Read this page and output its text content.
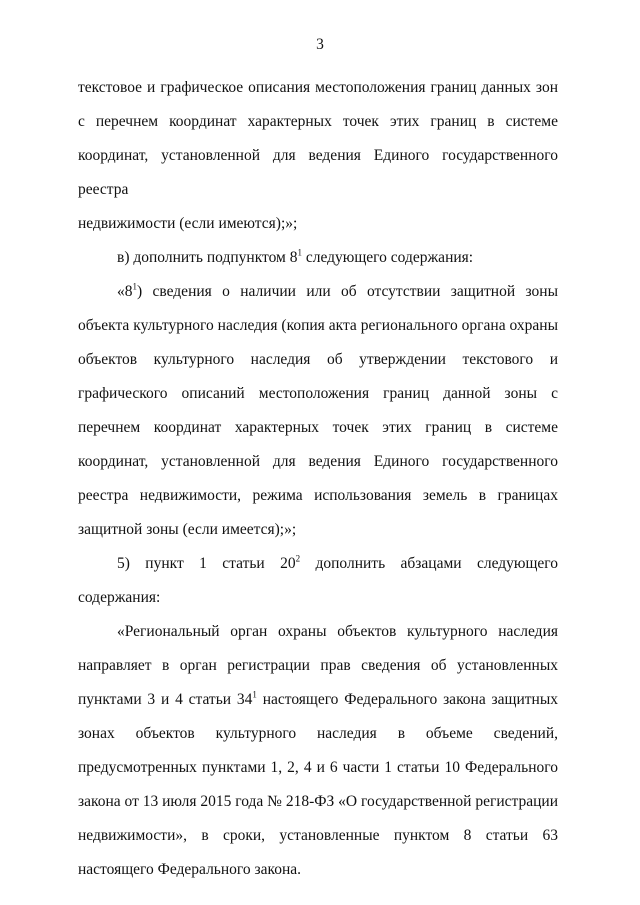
3

текстовое и графическое описания местоположения границ данных зон с перечнем координат характерных точек этих границ в системе координат, установленной для ведения Единого государственного реестра

недвижимости (если имеются);»;

в) дополнить подпунктом $8^1$ следующего содержания:

«$8^1$) сведения о наличии или об отсутствии защитной зоны объекта культурного наследия (копия акта регионального органа охраны объектов культурного наследия об утверждении текстового и графического описаний местоположения границ данной зоны с перечнем координат характерных точек этих границ в системе координат, установленной для ведения Единого государственного реестра недвижимости, режима использования земель в границах защитной зоны (если имеется);»;

5) пункт 1 статьи $20^2$ дополнить абзацами следующего содержания:

«Региональный орган охраны объектов культурного наследия направляет в орган регистрации прав сведения об установленных пунктами 3 и 4 статьи $34^1$ настоящего Федерального закона защитных зонах объектов культурного наследия в объеме сведений, предусмотренных пунктами 1, 2, 4 и 6 части 1 статьи 10 Федерального закона от 13 июля 2015 года № 218-ФЗ «О государственной регистрации недвижимости», в сроки, установленные пунктом 8 статьи 63 настоящего Федерального закона.
